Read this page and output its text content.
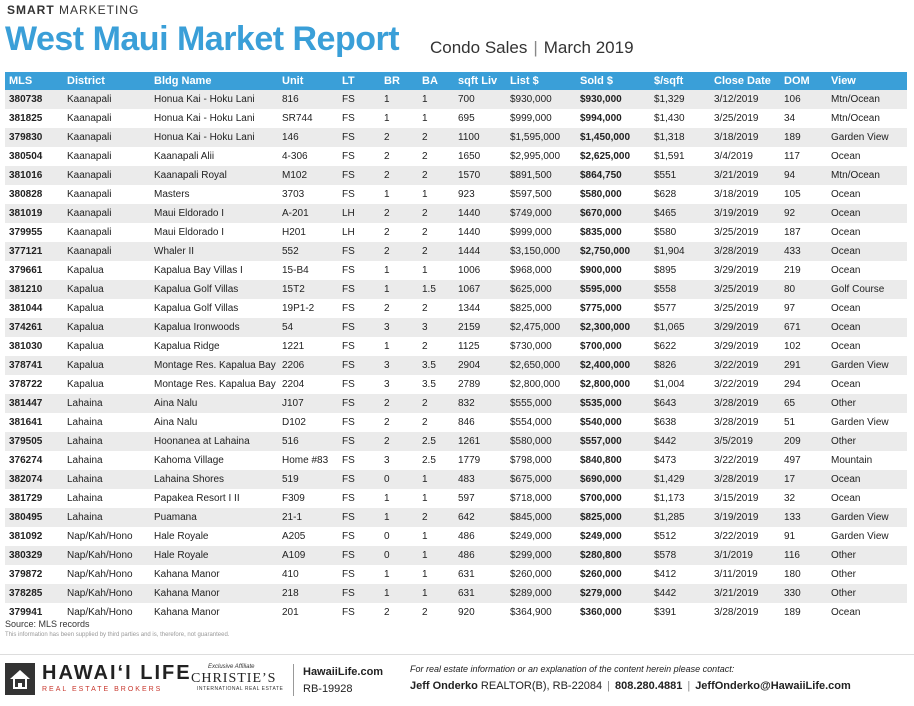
SMART MARKETING
West Maui Market Report Condo Sales | March 2019
MLS	District	Bldg Name	Unit	LT	BR	BA	sqft Liv	List $	Sold $	$/sqft	Close Date	DOM	View
380738	Kaanapali	Honua Kai - Hoku Lani	816	FS	1	1	700	$930,000	$930,000	$1,329	3/12/2019	106	Mtn/Ocean
381825	Kaanapali	Honua Kai - Hoku Lani	SR744	FS	1	1	695	$999,000	$994,000	$1,430	3/25/2019	34	Mtn/Ocean
379830	Kaanapali	Honua Kai - Hoku Lani	146	FS	2	2	1100	$1,595,000	$1,450,000	$1,318	3/18/2019	189	Garden View
380504	Kaanapali	Kaanapali Alii	4-306	FS	2	2	1650	$2,995,000	$2,625,000	$1,591	3/4/2019	117	Ocean
381016	Kaanapali	Kaanapali Royal	M102	FS	2	2	1570	$891,500	$864,750	$551	3/21/2019	94	Mtn/Ocean
380828	Kaanapali	Masters	3703	FS	1	1	923	$597,500	$580,000	$628	3/18/2019	105	Ocean
381019	Kaanapali	Maui Eldorado I	A-201	LH	2	2	1440	$749,000	$670,000	$465	3/19/2019	92	Ocean
379955	Kaanapali	Maui Eldorado I	H201	LH	2	2	1440	$999,000	$835,000	$580	3/25/2019	187	Ocean
377121	Kaanapali	Whaler II	552	FS	2	2	1444	$3,150,000	$2,750,000	$1,904	3/28/2019	433	Ocean
379661	Kapalua	Kapalua Bay Villas I	15-B4	FS	1	1	1006	$968,000	$900,000	$895	3/29/2019	219	Ocean
381210	Kapalua	Kapalua Golf Villas	15T2	FS	1	1.5	1067	$625,000	$595,000	$558	3/25/2019	80	Golf Course
381044	Kapalua	Kapalua Golf Villas	19P1-2	FS	2	2	1344	$825,000	$775,000	$577	3/25/2019	97	Ocean
374261	Kapalua	Kapalua Ironwoods	54	FS	3	3	2159	$2,475,000	$2,300,000	$1,065	3/29/2019	671	Ocean
381030	Kapalua	Kapalua Ridge	1221	FS	1	2	1125	$730,000	$700,000	$622	3/29/2019	102	Ocean
378741	Kapalua	Montage Res. Kapalua Bay	2206	FS	3	3.5	2904	$2,650,000	$2,400,000	$826	3/22/2019	291	Garden View
378722	Kapalua	Montage Res. Kapalua Bay	2204	FS	3	3.5	2789	$2,800,000	$2,800,000	$1,004	3/22/2019	294	Ocean
381447	Lahaina	Aina Nalu	J107	FS	2	2	832	$555,000	$535,000	$643	3/28/2019	65	Other
381641	Lahaina	Aina Nalu	D102	FS	2	2	846	$554,000	$540,000	$638	3/28/2019	51	Garden View
379505	Lahaina	Hoonanea at Lahaina	516	FS	2	2.5	1261	$580,000	$557,000	$442	3/5/2019	209	Other
376274	Lahaina	Kahoma Village	Home #83	FS	3	2.5	1779	$798,000	$840,800	$473	3/22/2019	497	Mountain
382074	Lahaina	Lahaina Shores	519	FS	0	1	483	$675,000	$690,000	$1,429	3/28/2019	17	Ocean
381729	Lahaina	Papakea Resort I II	F309	FS	1	1	597	$718,000	$700,000	$1,173	3/15/2019	32	Ocean
380495	Lahaina	Puamana	21-1	FS	1	2	642	$845,000	$825,000	$1,285	3/19/2019	133	Garden View
381092	Nap/Kah/Hono	Hale Royale	A205	FS	0	1	486	$249,000	$249,000	$512	3/22/2019	91	Garden View
380329	Nap/Kah/Hono	Hale Royale	A109	FS	0	1	486	$299,000	$280,800	$578	3/1/2019	116	Other
379872	Nap/Kah/Hono	Kahana Manor	410	FS	1	1	631	$260,000	$260,000	$412	3/11/2019	180	Other
378285	Nap/Kah/Hono	Kahana Manor	218	FS	1	1	631	$289,000	$279,000	$442	3/21/2019	330	Other
379941	Nap/Kah/Hono	Kahana Manor	201	FS	2	2	920	$364,900	$360,000	$391	3/28/2019	189	Ocean
Source: MLS records
This information has been supplied by third parties and is, therefore, not guaranteed.
HAWAI‘I LIFE
REAL ESTATE BROKERS
Exclusive Affiliate
CHRISTIE’S
INTERNATIONAL REAL ESTATE
HawaiiLife.com
RB-19928
For real estate information or an explanation of the content herein please contact:
Jeff Onderko REALTOR(B), RB-22084 | 808.280.4881 | JeffOnderko@HawaiiLife.com
